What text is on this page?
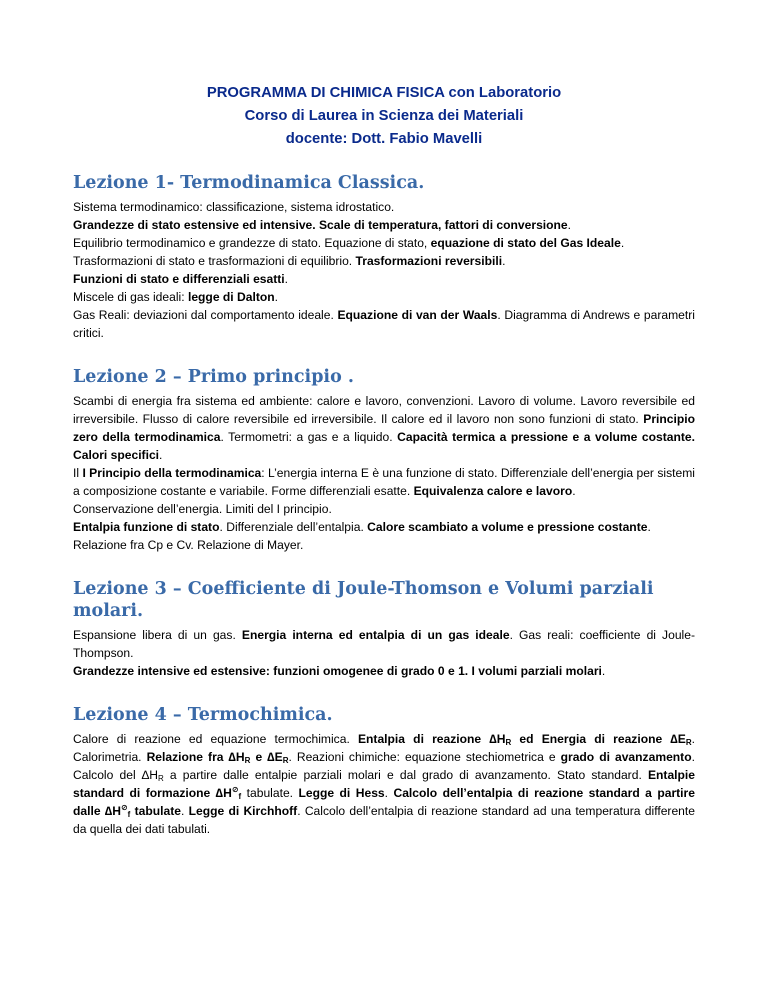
PROGRAMMA DI CHIMICA FISICA con Laboratorio
Corso di Laurea in Scienza dei Materiali
docente: Dott. Fabio Mavelli
Lezione 1- Termodinamica Classica.

Sistema termodinamico: classificazione, sistema idrostatico.

Grandezze di stato estensive ed intensive. Scale di temperatura, fattori di conversione.

Equilibrio termodinamico e grandezze di stato. Equazione di stato, equazione di stato del Gas Ideale.

Trasformazioni di stato e trasformazioni di equilibrio. Trasformazioni reversibili.

Funzioni di stato e differenziali esatti.

Miscele di gas ideali: legge di Dalton.

Gas Reali: deviazioni dal comportamento ideale. Equazione di van der Waals. Diagramma di Andrews e parametri critici.

Lezione 2 – Primo principio .

Scambi di energia fra sistema ed ambiente: calore e lavoro, convenzioni. Lavoro di volume. Lavoro reversibile ed irreversibile. Flusso di calore reversibile ed irreversibile. Il calore ed il lavoro non sono funzioni di stato. Principio zero della termodinamica. Termometri: a gas e a liquido. Capacità termica a pressione e a volume costante. Calori specifici.

Il I Principio della termodinamica: L’energia interna E è una funzione di stato. Differenziale dell’energia per sistemi a composizione costante e variabile. Forme differenziali esatte. Equivalenza calore e lavoro.

Conservazione dell’energia. Limiti del I principio.

Entalpia funzione di stato. Differenziale dell’entalpia. Calore scambiato a volume e pressione costante.

Relazione fra Cp e Cv. Relazione di Mayer.

Lezione 3 – Coefficiente di Joule-Thomson e Volumi parziali molari.

Espansione libera di un gas. Energia interna ed entalpia di un gas ideale. Gas reali: coefficiente di Joule-Thompson.

Grandezze intensive ed estensive: funzioni omogenee di grado 0 e 1. I volumi parziali molari.

Lezione 4 – Termochimica.

Calore di reazione ed equazione termochimica. Entalpia di reazione $\Delta H_R$ ed Energia di reazione $\Delta E_R$. Calorimetria. Relazione fra $\Delta H_R$ e $\Delta E_R$. Reazioni chimiche: equazione stechiometrica e grado di avanzamento. Calcolo del $\Delta H_R$ a partire dalle entalpie parziali molari e dal grado di avanzamento. Stato standard. Entalpie standard di formazione $\Delta H^⊘_f$ tabulate. Legge di Hess. Calcolo dell’entalpia di reazione standard a partire dalle $\Delta H^⊘_f$ tabulate. Legge di Kirchhoff. Calcolo dell’entalpia di reazione standard ad una temperatura differente da quella dei dati tabulati.
